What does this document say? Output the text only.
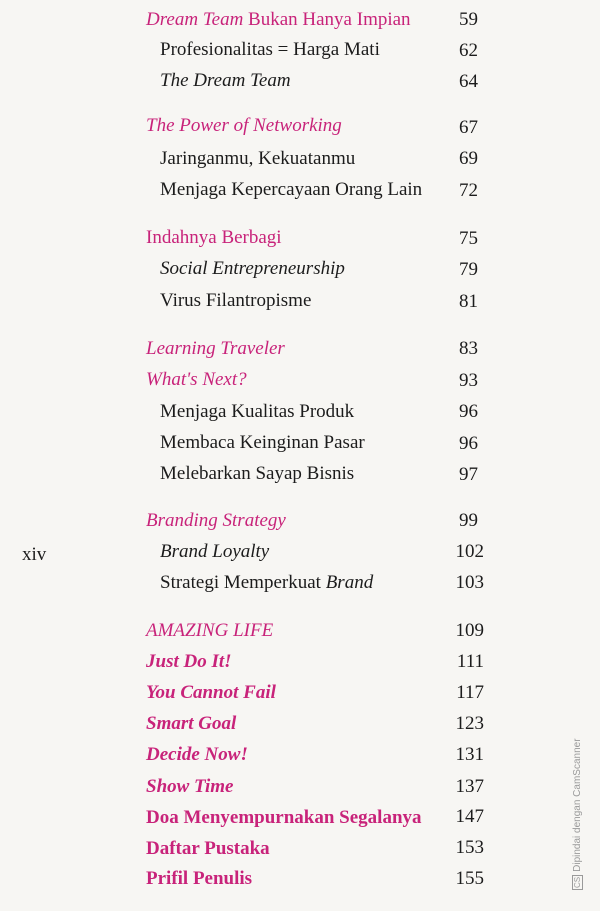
Dream Team Bukan Hanya Impian	59
Profesionalitas = Harga Mati	62
The Dream Team	64
The Power of Networking	67
Jaringanmu, Kekuatanmu	69
Menjaga Kepercayaan Orang Lain	72
Indahnya Berbagi	75
Social Entrepreneurship	79
Virus Filantropisme	81
Learning Traveler	83
What's Next?	93
Menjaga Kualitas Produk	96
Membaca Keinginan Pasar	96
Melebarkan Sayap Bisnis	97
Branding Strategy	99
Brand Loyalty	102
Strategi Memperkuat Brand	103
AMAZING LIFE	109
Just Do It!	111
You Cannot Fail	117
Smart Goal	123
Decide Now!	131
Show Time	137
Doa Menyempurnakan Segalanya	147
Daftar Pustaka	153
Prifil Penulis	155
xiv
CSDipindai dengan CamScanner
